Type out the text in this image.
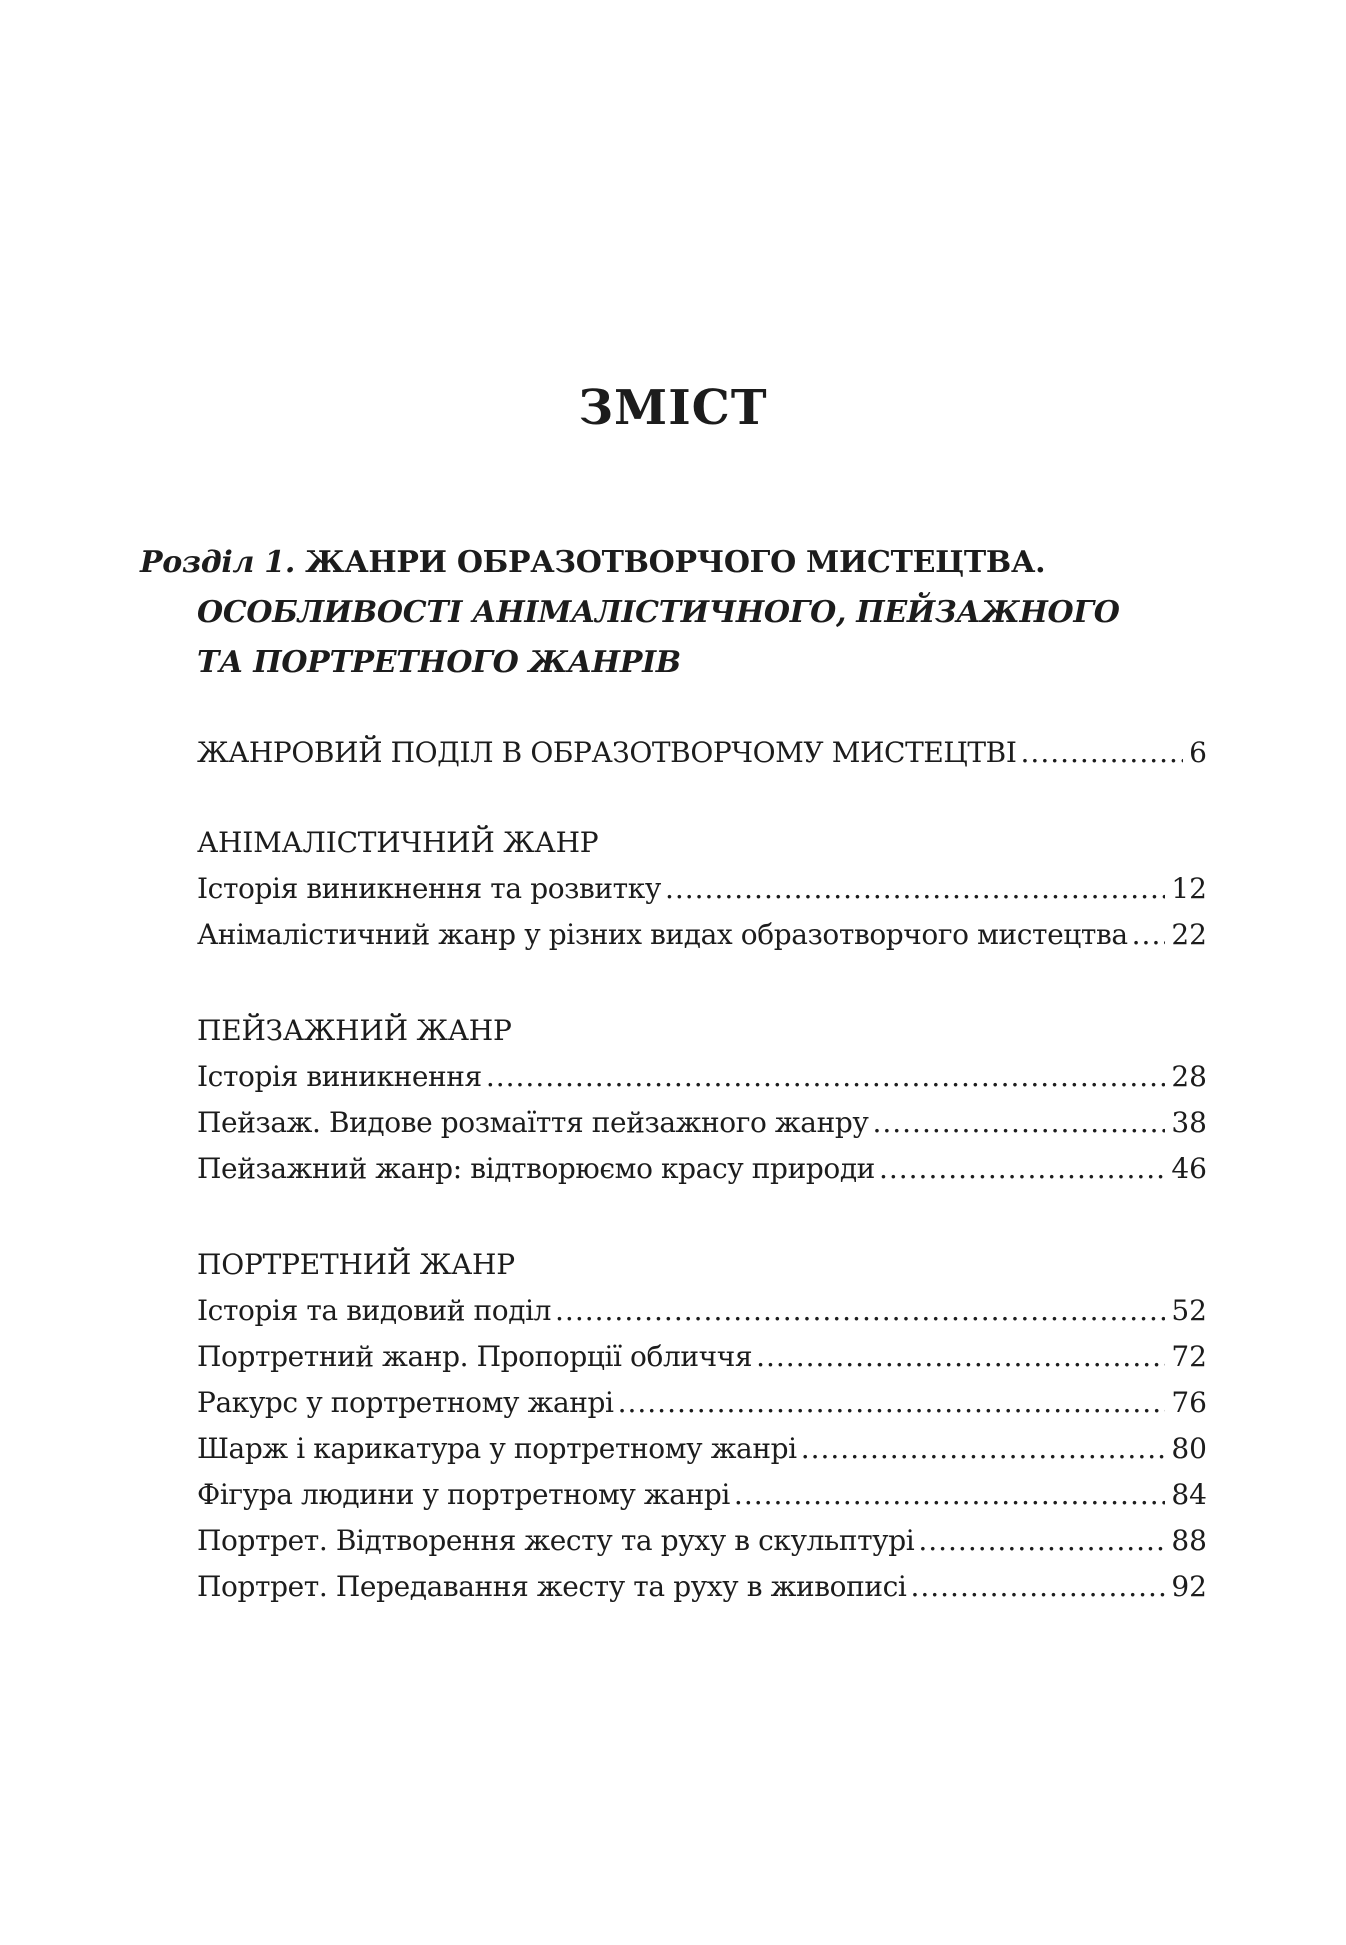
ЗМІСТ
Розділ 1. ЖАНРИ ОБРАЗОТВОРЧОГО МИСТЕЦТВА.
ОСОБЛИВОСТІ АНІМАЛІСТИЧНОГО, ПЕЙЗАЖНОГО
ТА ПОРТРЕТНОГО ЖАНРІВ
ЖАНРОВИЙ ПОДІЛ В ОБРАЗОТВОРЧОМУ МИСТЕЦТВІ .....	6
АНІМАЛІСТИЧНИЙ ЖАНР
Історія виникнення та розвитку .....	12
Анімалістичний жанр у різних видах образотворчого мистецтва ..... 22
ПЕЙЗАЖНИЙ ЖАНР
Історія виникнення .....	28
Пейзаж. Видове розмаїття пейзажного жанру .....	38
Пейзажний жанр: відтворюємо красу природи .....	46
ПОРТРЕТНИЙ ЖАНР
Історія та видовий поділ .....	52
Портретний жанр. Пропорції обличчя .....	72
Ракурс у портретному жанрі .....	76
Шарж і карикатура у портретному жанрі .....	80
Фігура людини у портретному жанрі .....	84
Портрет. Відтворення жесту та руху в скульптурі .....	88
Портрет. Передавання жесту та руху в живописі .....	92
